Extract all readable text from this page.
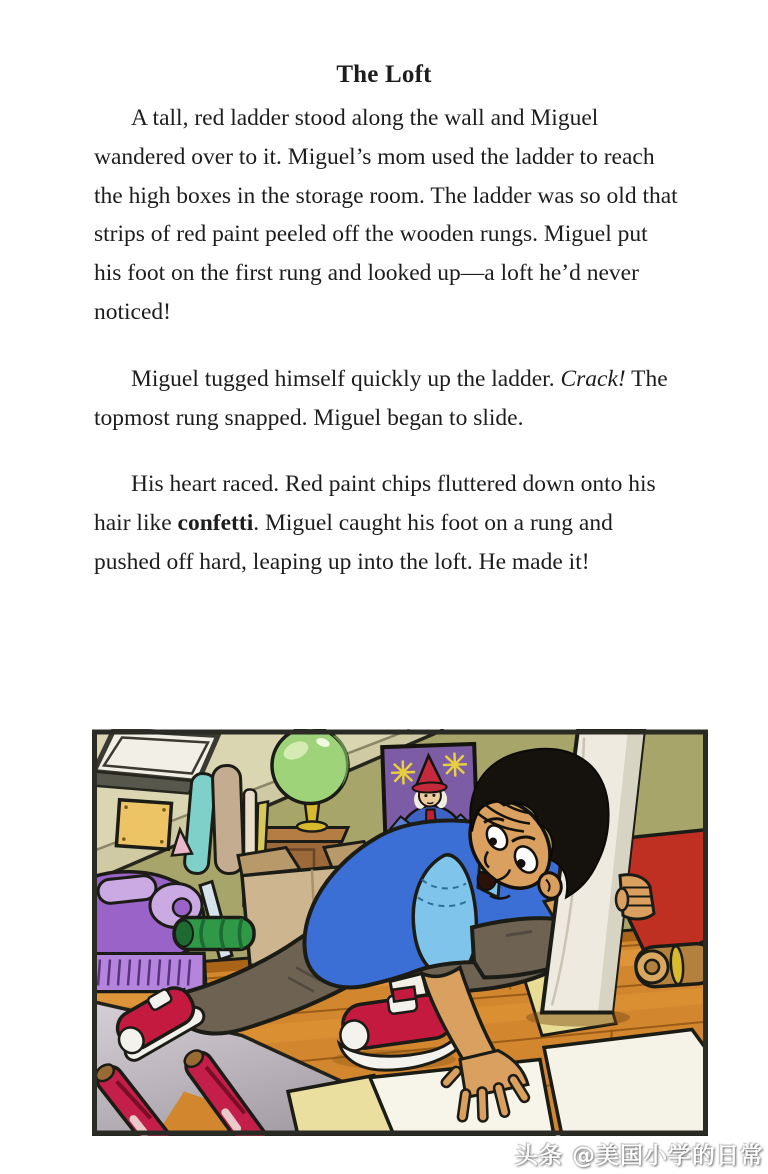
The Loft

A tall, red ladder stood along the wall and Miguel wandered over to it. Miguel’s mom used the ladder to reach the high boxes in the storage room. The ladder was so old that strips of red paint peeled off the wooden rungs. Miguel put his foot on the first rung and looked up—a loft he’d never noticed!

Miguel tugged himself quickly up the ladder. Crack! The topmost rung snapped. Miguel began to slide.

His heart raced. Red paint chips fluttered down onto his hair like confetti. Miguel caught his foot on a rung and pushed off hard, leaping up into the loft. He made it!

头条 @美国小学的日常
